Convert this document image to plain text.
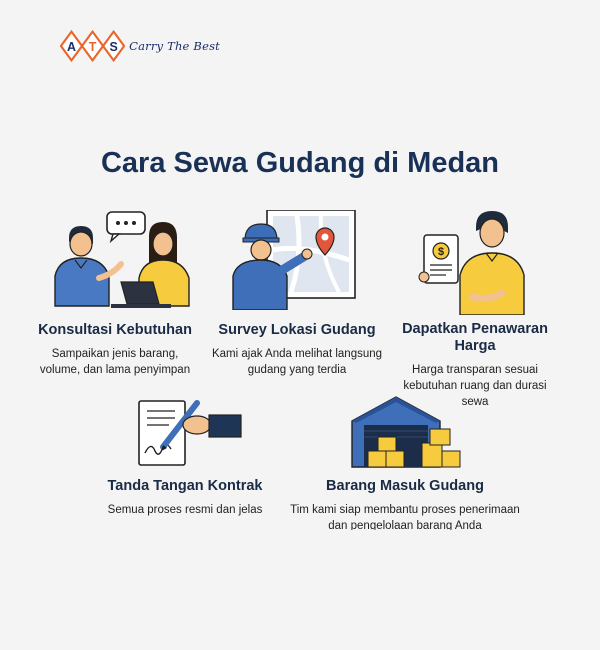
A T S Carry The Best
Cara Sewa Gudang di Medan
Konsultasi Kebutuhan
Sampaikan jenis barang, volume, dan lama penyimpan
Survey Lokasi Gudang
Kami ajak Anda melihat langsung gudang yang terdia
$
Dapatkan Penawaran Harga
Harga transparan sesuai kebutuhan ruang dan durasi sewa
Tanda Tangan Kontrak
Semua proses resmi dan jelas
Barang Masuk Gudang
Tim kami siap membantu proses penerimaan dan pengelolaan barang Anda
